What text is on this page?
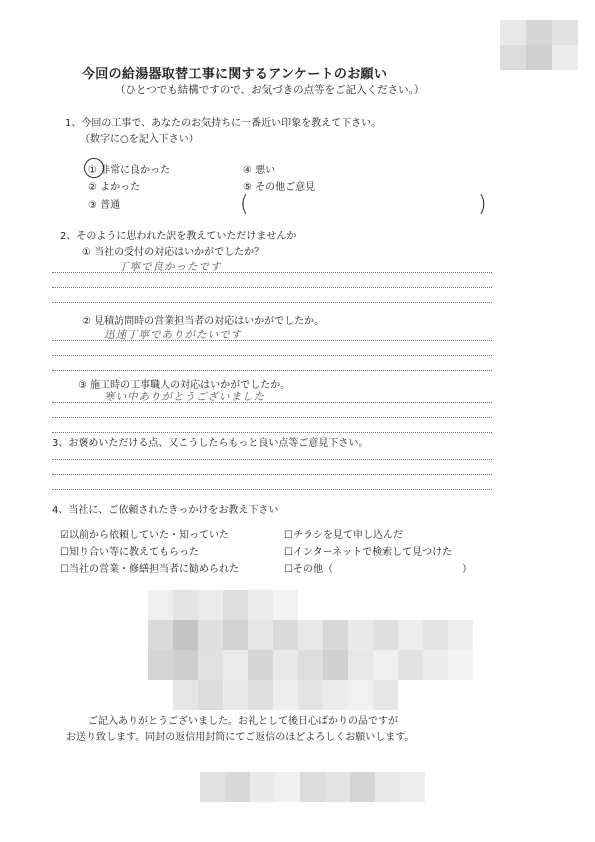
今回の給湯器取替工事に関するアンケートのお願い
（ひとつでも結構ですので、お気づきの点等をご記入ください。）
1、今回の工事で、あなたのお気持ちに一番近い印象を教えて下さい。
（数字に○を記入下さい）
① 非常に良かった
② よかった
③ 普通
④ 悪い
⑤ その他ご意見
(	)
2、そのように思われた訳を教えていただけませんか
① 当社の受付の対応はいかがでしたか？
丁寧で良かったです
② 見積訪問時の営業担当者の対応はいかがでしたか。
迅速丁寧でありがたいです
③ 施工時の工事職人の対応はいかがでしたか。
寒い中ありがとうございました
3、お褒めいただける点、又こうしたらもっと良い点等ご意見下さい。
4、当社に、ご依頼されたきっかけをお教え下さい
☑以前から依頼していた・知っていた
☐知り合い等に教えてもらった
☐当社の営業・修繕担当者に勧められた
☐チラシを見て申し込んだ
☐インターネットで検索して見つけた
☐その他（	）
ご記入ありがとうございました。お礼として後日心ばかりの品ですが
お送り致します。同封の返信用封筒にてご返信のほどよろしくお願いします。
